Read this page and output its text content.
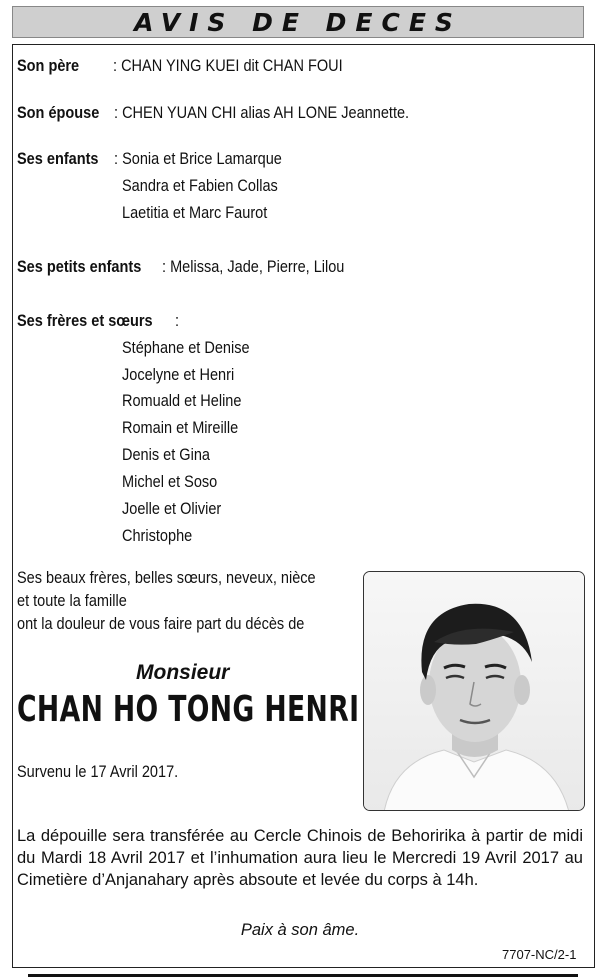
AVIS DE DECES
Son père : CHAN YING KUEI dit CHAN FOUI
Son épouse : CHEN YUAN CHI alias AH LONE Jeannette.
Ses enfants : Sonia et Brice Lamarque
Sandra et Fabien Collas
Laetitia et Marc Faurot
Ses petits enfants : Melissa, Jade, Pierre, Lilou
Ses frères et sœurs :
Stéphane et Denise
Jocelyne et Henri
Romuald et Heline
Romain et Mireille
Denis et Gina
Michel et Soso
Joelle et Olivier
Christophe
Ses beaux frères, belles sœurs, neveux, nièce
et toute la famille
ont la douleur de vous faire part du décès de
Monsieur
CHAN HO TONG HENRI
Survenu le 17 Avril 2017.
La dépouille sera transférée au Cercle Chinois de Behoririka à partir de midi du Mardi 18 Avril 2017 et l’inhumation aura lieu le Mercredi 19 Avril 2017 au Cimetière d’Anjanahary après absoute et levée du corps à 14h.
Paix à son âme.
7707-NC/2-1
